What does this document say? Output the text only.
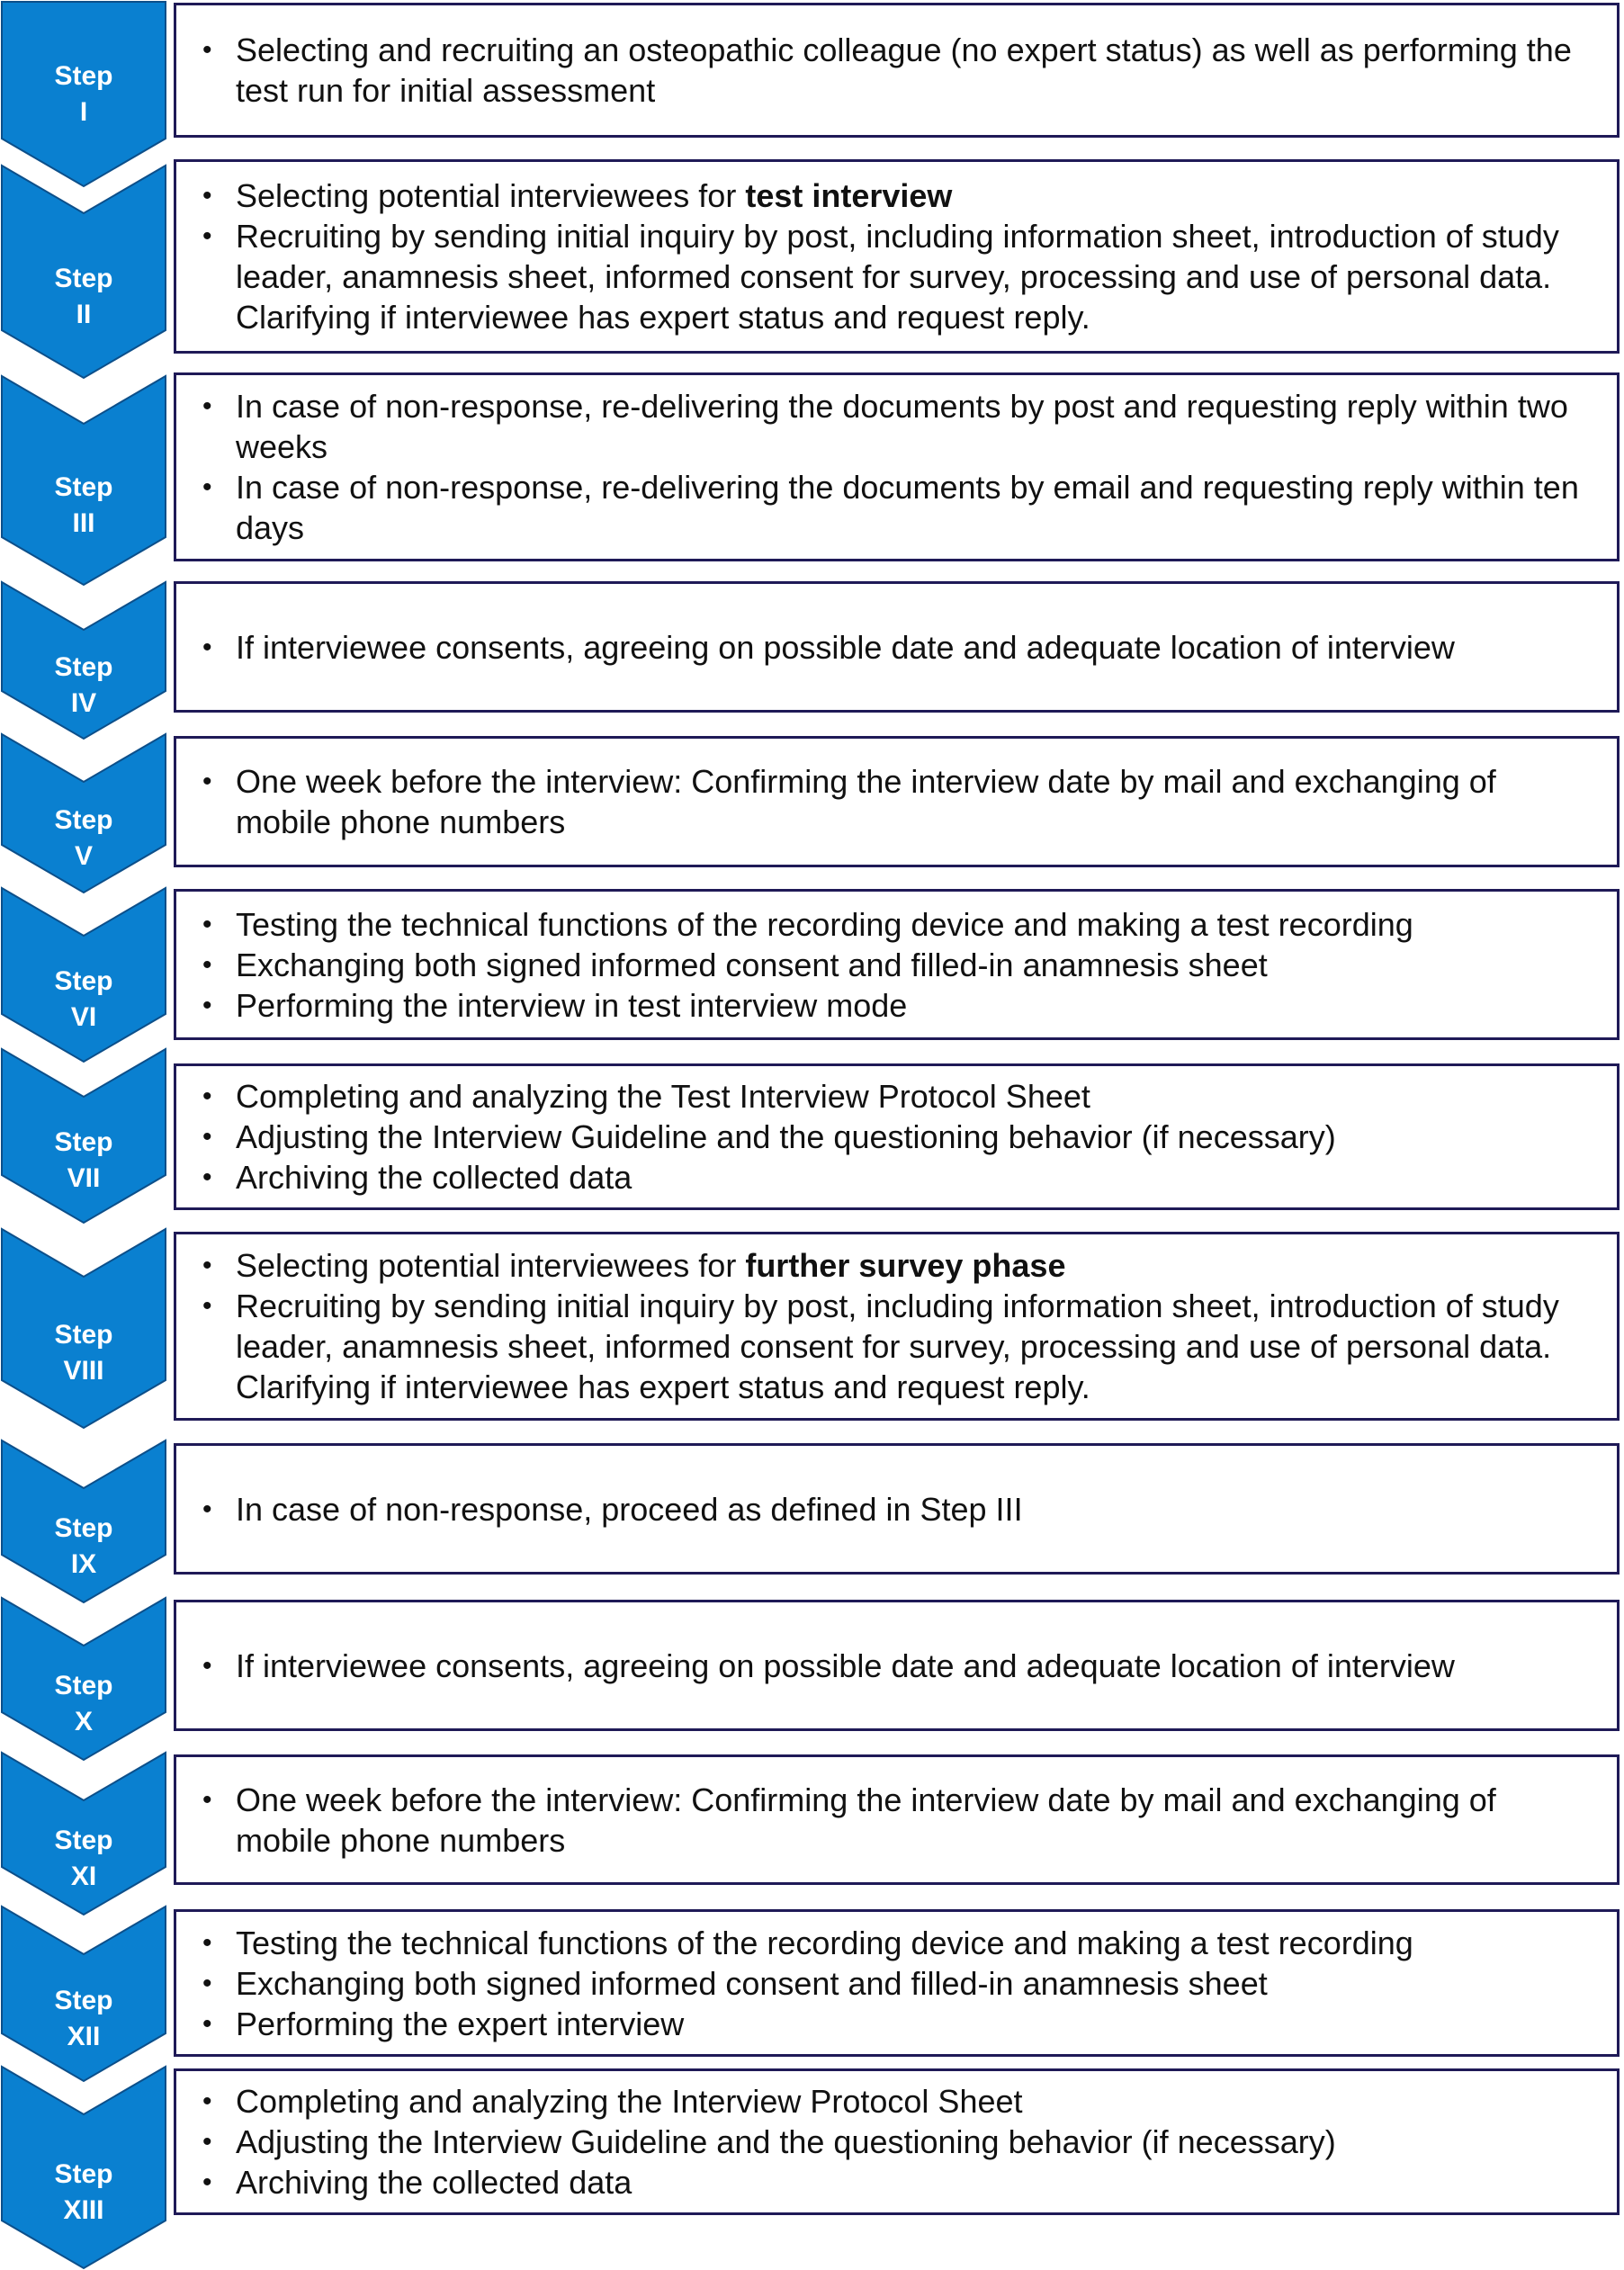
Step
I
• Selecting and recruiting an osteopathic colleague (no expert status) as well as performing the test run for initial assessment
Step
II
• Selecting potential interviewees for test interview
• Recruiting by sending initial inquiry by post, including information sheet, introduction of study leader, anamnesis sheet, informed consent for survey, processing and use of personal data. Clarifying if interviewee has expert status and request reply.
Step
III
• In case of non-response, re-delivering the documents by post and requesting reply within two weeks
• In case of non-response, re-delivering the documents by email and requesting reply within ten days
Step
IV
• If interviewee consents, agreeing on possible date and adequate location of interview
Step
V
• One week before the interview: Confirming the interview date by mail and exchanging of mobile phone numbers
Step
VI
• Testing the technical functions of the recording device and making a test recording
• Exchanging both signed informed consent and filled-in anamnesis sheet
• Performing the interview in test interview mode
Step
VII
• Completing and analyzing the Test Interview Protocol Sheet
• Adjusting the Interview Guideline and the questioning behavior (if necessary)
• Archiving the collected data
Step
VIII
• Selecting potential interviewees for further survey phase
• Recruiting by sending initial inquiry by post, including information sheet, introduction of study leader, anamnesis sheet, informed consent for survey, processing and use of personal data. Clarifying if interviewee has expert status and request reply.
Step
IX
• In case of non-response, proceed as defined in Step III
Step
X
• If interviewee consents, agreeing on possible date and adequate location of interview
Step
XI
• One week before the interview: Confirming the interview date by mail and exchanging of mobile phone numbers
Step
XII
• Testing the technical functions of the recording device and making a test recording
• Exchanging both signed informed consent and filled-in anamnesis sheet
• Performing the expert interview
Step
XIII
• Completing and analyzing the Interview Protocol Sheet
• Adjusting the Interview Guideline and the questioning behavior (if necessary)
• Archiving the collected data
